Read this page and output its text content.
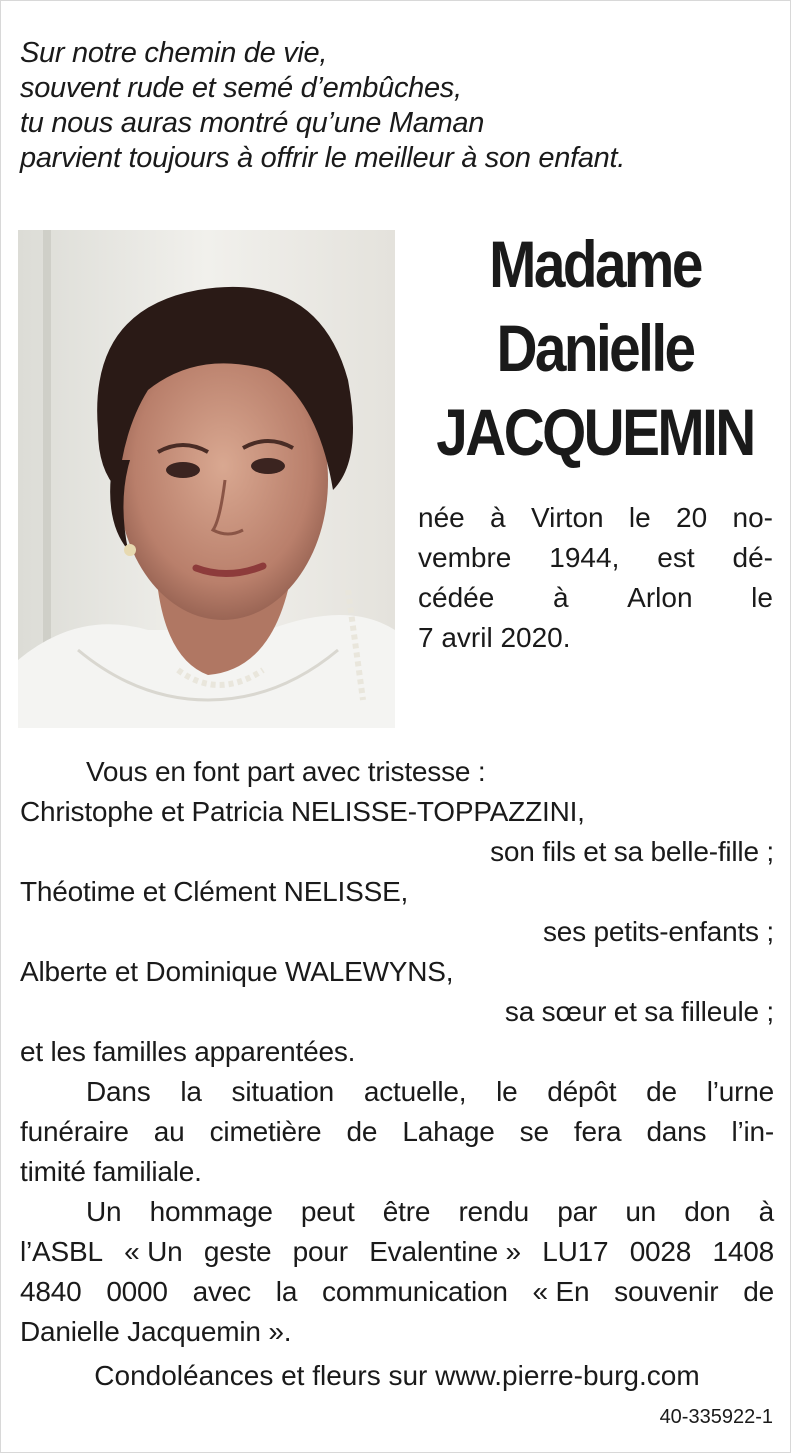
Sur notre chemin de vie,
souvent rude et semé d’embûches,
tu nous auras montré qu’une Maman
parvient toujours à offrir le meilleur à son enfant.
Madame
Danielle
JACQUEMIN
née à Virton le 20 no-
vembre 1944, est dé-
cédée à Arlon le
7 avril 2020.
Vous en font part avec tristesse :
Christophe et Patricia NELISSE-TOPPAZZINI,
son fils et sa belle-fille ;
Théotime et Clément NELISSE,
ses petits-enfants ;
Alberte et Dominique WALEWYNS,
sa sœur et sa filleule ;
et les familles apparentées.
Dans la situation actuelle, le dépôt de l’urne
funéraire au cimetière de Lahage se fera dans l’in-
timité familiale.
Un hommage peut être rendu par un don à
l’ASBL « Un geste pour Evalentine » LU17 0028 1408
4840 0000 avec la communication « En souvenir de
Danielle Jacquemin ».
Condoléances et fleurs sur www.pierre-burg.com
40-335922-1
